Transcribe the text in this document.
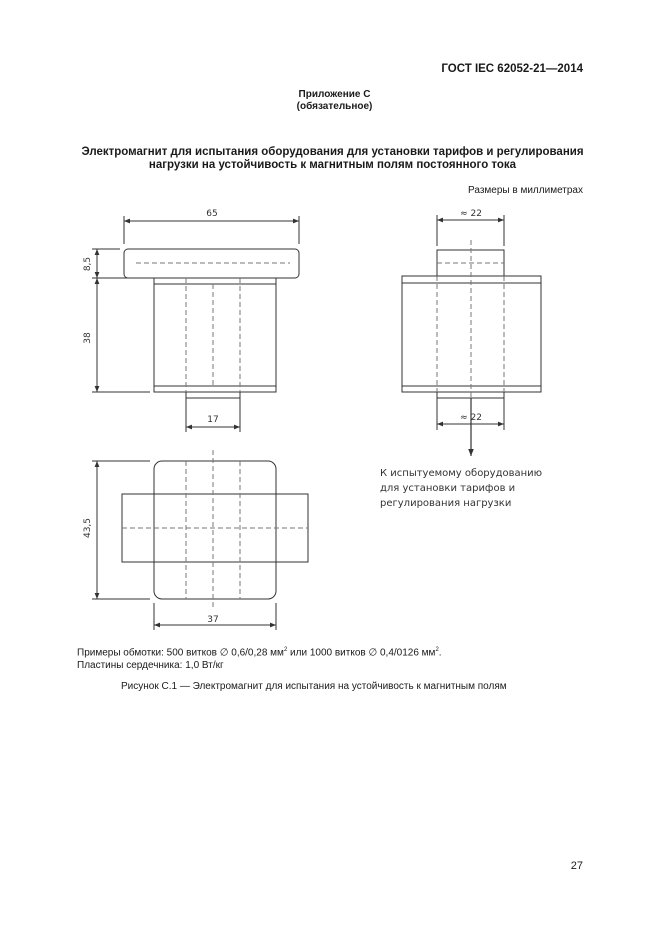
ГОСТ IEC 62052-21—2014
Приложение С
(обязательное)
Электромагнит для испытания оборудования для установки тарифов и регулирования
нагрузки на устойчивость к магнитным полям постоянного тока
Размеры в миллиметрах
65
8,5
38
17
≈ 22
≈ 22
43,5
37
К испытуемому оборудованию
для установки тарифов и
регулирования нагрузки
Примеры обмотки: 500 витков ∅ 0,6/0,28 $мм^2$ или 1000 витков ∅ 0,4/0126 $мм^2$.
Пластины сердечника: 1,0 Вт/кг
Рисунок С.1 — Электромагнит для испытания на устойчивость к магнитным полям
27
